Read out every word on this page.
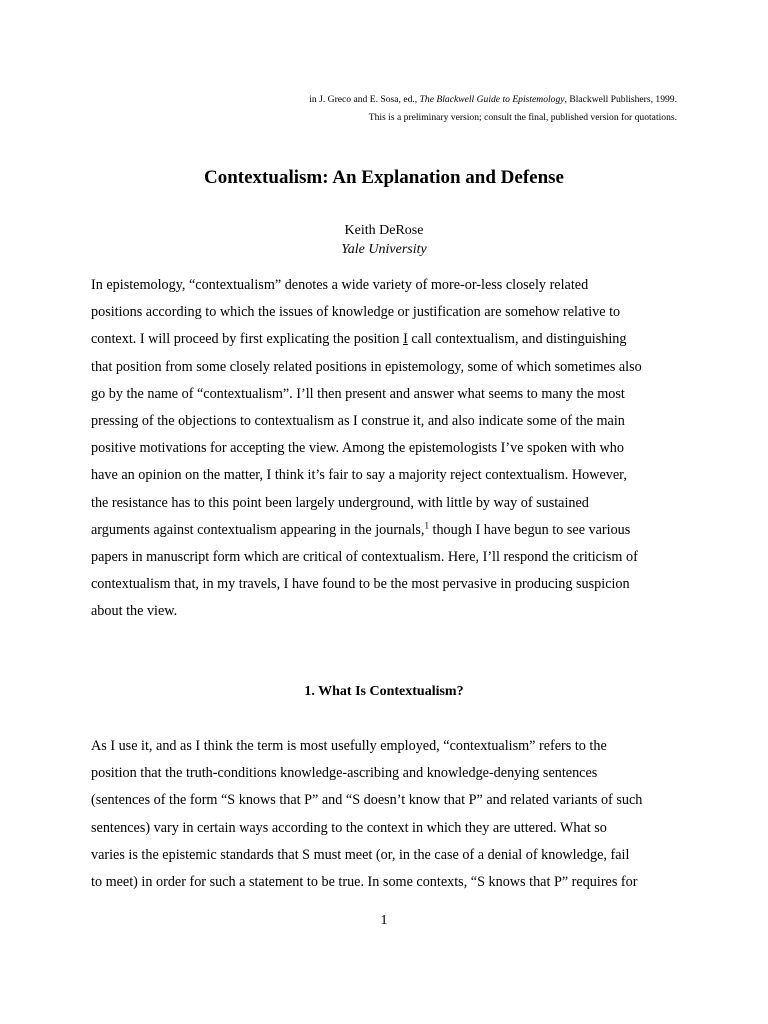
in J. Greco and E. Sosa, ed., The Blackwell Guide to Epistemology, Blackwell Publishers, 1999.
This is a preliminary version; consult the final, published version for quotations.
Contextualism: An Explanation and Defense
Keith DeRose
Yale University
In epistemology, “contextualism” denotes a wide variety of more-or-less closely related
positions according to which the issues of knowledge or justification are somehow relative to
context. I will proceed by first explicating the position I call contextualism, and distinguishing
that position from some closely related positions in epistemology, some of which sometimes also
go by the name of “contextualism”. I’ll then present and answer what seems to many the most
pressing of the objections to contextualism as I construe it, and also indicate some of the main
positive motivations for accepting the view. Among the epistemologists I’ve spoken with who
have an opinion on the matter, I think it’s fair to say a majority reject contextualism. However,
the resistance has to this point been largely underground, with little by way of sustained
arguments against contextualism appearing in the journals,$^1$ though I have begun to see various
papers in manuscript form which are critical of contextualism. Here, I’ll respond the criticism of
contextualism that, in my travels, I have found to be the most pervasive in producing suspicion
about the view.
1. What Is Contextualism?
As I use it, and as I think the term is most usefully employed, “contextualism” refers to the
position that the truth-conditions knowledge-ascribing and knowledge-denying sentences
(sentences of the form “S knows that P” and “S doesn’t know that P” and related variants of such
sentences) vary in certain ways according to the context in which they are uttered. What so
varies is the epistemic standards that S must meet (or, in the case of a denial of knowledge, fail
to meet) in order for such a statement to be true. In some contexts, “S knows that P” requires for
1
